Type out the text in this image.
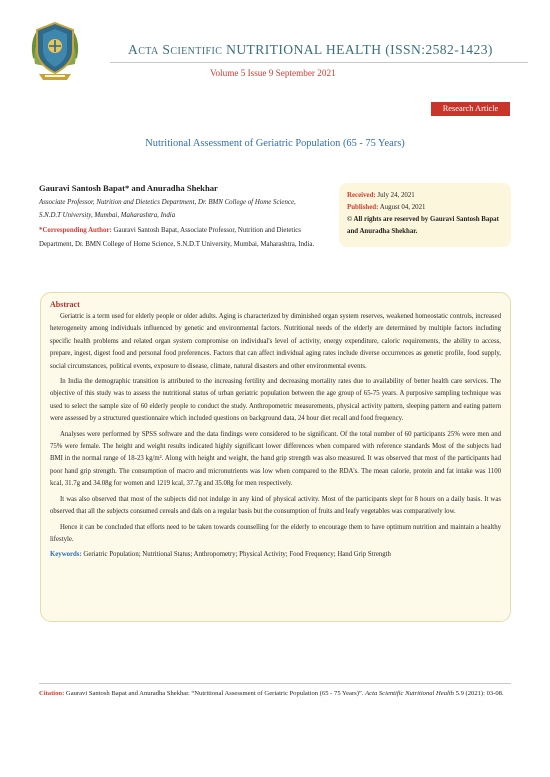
Acta Scientific NUTRITIONAL HEALTH (ISSN:2582-1423)
Volume 5 Issue 9 September 2021
Research Article
Nutritional Assessment of Geriatric Population (65 - 75 Years)
Gauravi Santosh Bapat* and Anuradha Shekhar
Associate Professor, Nutrition and Dietetics Department, Dr. BMN College of Home Science, S.N.D.T University, Mumbai, Maharashtra, India
*Corresponding Author: Gauravi Santosh Bapat, Associate Professor, Nutrition and Dietetics Department, Dr. BMN College of Home Science, S.N.D.T University, Mumbai, Maharashtra, India.
Received: July 24, 2021
Published: August 04, 2021
© All rights are reserved by Gauravi Santosh Bapat and Anuradha Shekhar.
Abstract

Geriatric is a term used for elderly people or older adults. Aging is characterized by diminished organ system reserves, weakened homeostatic controls, increased heterogeneity among individuals influenced by genetic and environmental factors. Nutritional needs of the elderly are determined by multiple factors including specific health problems and related organ system compromise on individual's level of activity, energy expenditure, caloric requirements, the ability to access, prepare, ingest, digest food and personal food preferences. Factors that can affect individual aging rates include diverse occurrences as genetic profile, food supply, social circumstances, political events, exposure to disease, climate, natural disasters and other environmental events.

In India the demographic transition is attributed to the increasing fertility and decreasing mortality rates due to availability of better health care services. The objective of this study was to assess the nutritional status of urban geriatric population between the age group of 65-75 years. A purposive sampling technique was used to select the sample size of 60 elderly people to conduct the study. Anthropometric measurements, physical activity pattern, sleeping pattern and eating pattern were assessed by a structured questionnaire which included questions on background data, 24 hour diet recall and food frequency.

Analyses were performed by SPSS software and the data findings were considered to be significant. Of the total number of 60 participants 25% were men and 75% were female. The height and weight results indicated highly significant lower differences when compared with reference standards Most of the subjects had BMI in the normal range of 18-23 kg/m². Along with height and weight, the hand grip strength was also measured. It was observed that most of the participants had poor hand grip strength. The consumption of macro and micronutrients was low when compared to the RDA's. The mean calorie, protein and fat intake was 1100 kcal, 31.7g and 34.08g for women and 1219 kcal, 37.7g and 35.08g for men respectively.

It was also observed that most of the subjects did not indulge in any kind of physical activity. Most of the participants slept for 8 hours on a daily basis. It was observed that all the subjects consumed cereals and dals on a regular basis but the consumption of fruits and leafy vegetables was comparatively low.

Hence it can be concluded that efforts need to be taken towards counselling for the elderly to encourage them to have optimum nutrition and maintain a healthy lifestyle.

Keywords: Geriatric Population; Nutritional Status; Anthropometry; Physical Activity; Food Frequency; Hand Grip Strength
Citation: Gauravi Santosh Bapat and Anuradha Shekhar. “Nutritional Assessment of Geriatric Population (65 - 75 Years)”. Acta Scientific Nutritional Health 5.9 (2021): 03-08.
